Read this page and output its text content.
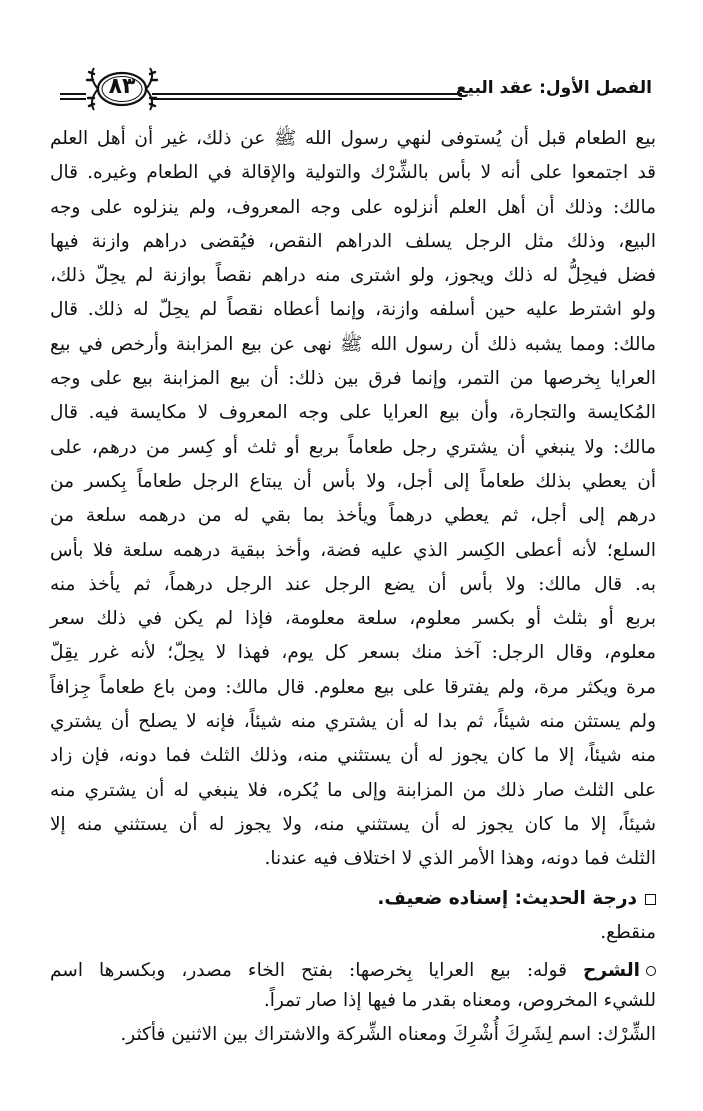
٨٣	الفصل الأول: عقد البيع
بيع الطعام قبل أن يُستوفى لنهي رسول الله ﷺ عن ذلك، غير أن أهل العلم
قد اجتمعوا على أنه لا بأس بالشِّرْك والتولية والإقالة في الطعام وغيره. قال
مالك: وذلك أن أهل العلم أنزلوه على وجه المعروف، ولم ينزلوه على وجه
البيع، وذلك مثل الرجل يسلف الدراهم النقص، فيُقضى دراهم وازنة فيها
فضل فيحِلُّ له ذلك ويجوز، ولو اشترى منه دراهم نقصاً بوازنة لم يحِلّ ذلك،
ولو اشترط عليه حين أسلفه وازنة، وإنما أعطاه نقصاً لم يحِلّ له ذلك. قال
مالك: ومما يشبه ذلك أن رسول الله ﷺ نهى عن بيع المزابنة وأرخص في بيع
العرايا بِخرصها من التمر، وإنما فرق بين ذلك: أن بيع المزابنة بيع على وجه
المُكايسة والتجارة، وأن بيع العرايا على وجه المعروف لا مكايسة فيه. قال
مالك: ولا ينبغي أن يشتري رجل طعاماً بربع أو ثلث أو كِسر من درهم، على
أن يعطي بذلك طعاماً إلى أجل، ولا بأس أن يبتاع الرجل طعاماً بِكسر من
درهم إلى أجل، ثم يعطي درهماً ويأخذ بما بقي له من درهمه سلعة من
السلع؛ لأنه أعطى الكِسر الذي عليه فضة، وأخذ ببقية درهمه سلعة فلا بأس
به. قال مالك: ولا بأس أن يضع الرجل عند الرجل درهماً، ثم يأخذ منه
بربع أو بثلث أو بكسر معلوم، سلعة معلومة، فإذا لم يكن في ذلك سعر
معلوم، وقال الرجل: آخذ منك بسعر كل يوم، فهذا لا يحِلّ؛ لأنه غرر يقِلّ
مرة ويكثر مرة، ولم يفترقا على بيع معلوم. قال مالك: ومن باع طعاماً جِزافاً
ولم يستثن منه شيئاً، ثم بدا له أن يشتري منه شيئاً، فإنه لا يصلح أن يشتري
منه شيئاً، إلا ما كان يجوز له أن يستثني منه، وذلك الثلث فما دونه، فإن زاد
على الثلث صار ذلك من المزابنة وإلى ما يُكره، فلا ينبغي له أن يشتري منه
شيئاً، إلا ما كان يجوز له أن يستثني منه، ولا يجوز له أن يستثني منه إلا
الثلث فما دونه، وهذا الأمر الذي لا اختلاف فيه عندنا.
درجة الحديث: إسناده ضعيف.
منقطع.
الشرح قوله: بيع العرايا بِخرصها: بفتح الخاء مصدر، وبكسرها اسم
للشيء المخروص، ومعناه بقدر ما فيها إذا صار تمراً.
الشِّرْك: اسم لِشَرِكَ أُشْرِكَ ومعناه الشِّركة والاشتراك بين الاثنين فأكثر.
